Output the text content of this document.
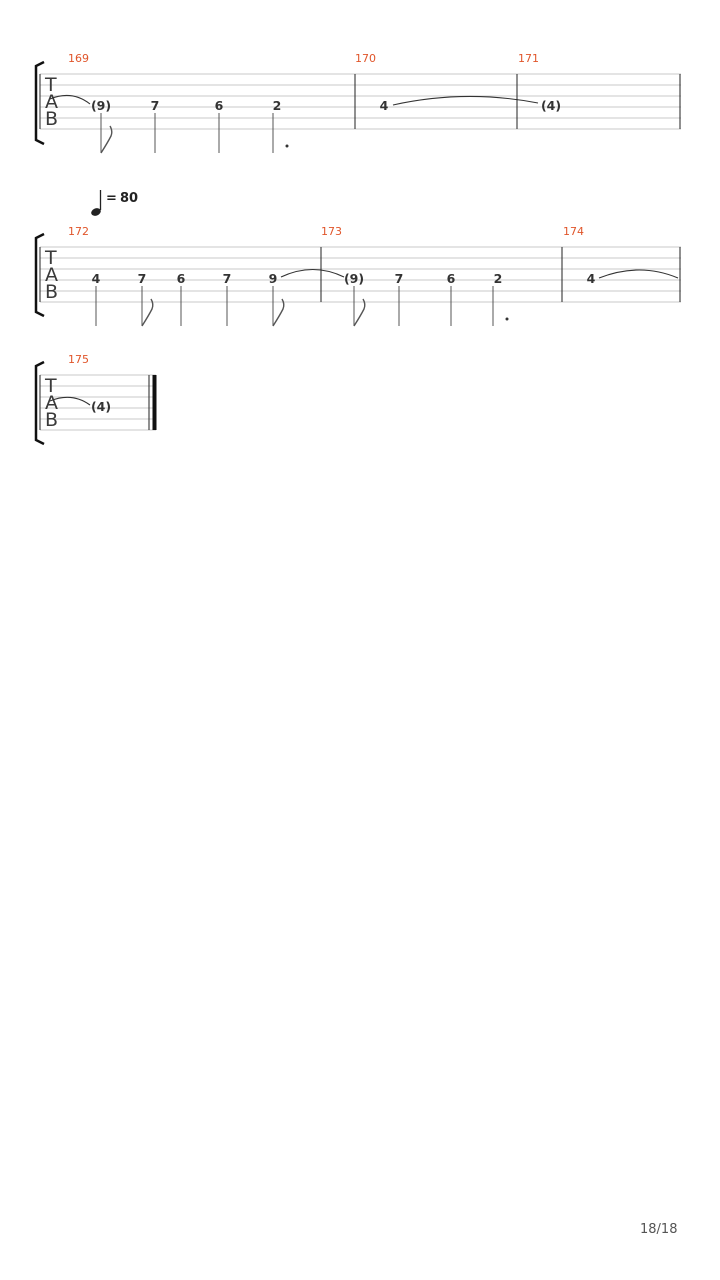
T
A
B
169
(9)	7	6	2
170
4
171
(4)
= 80
T
A
B
172
4	7 6	7	9
173
(9) 7	6	2
174
4
T
A
B
175
(4)
18/18
